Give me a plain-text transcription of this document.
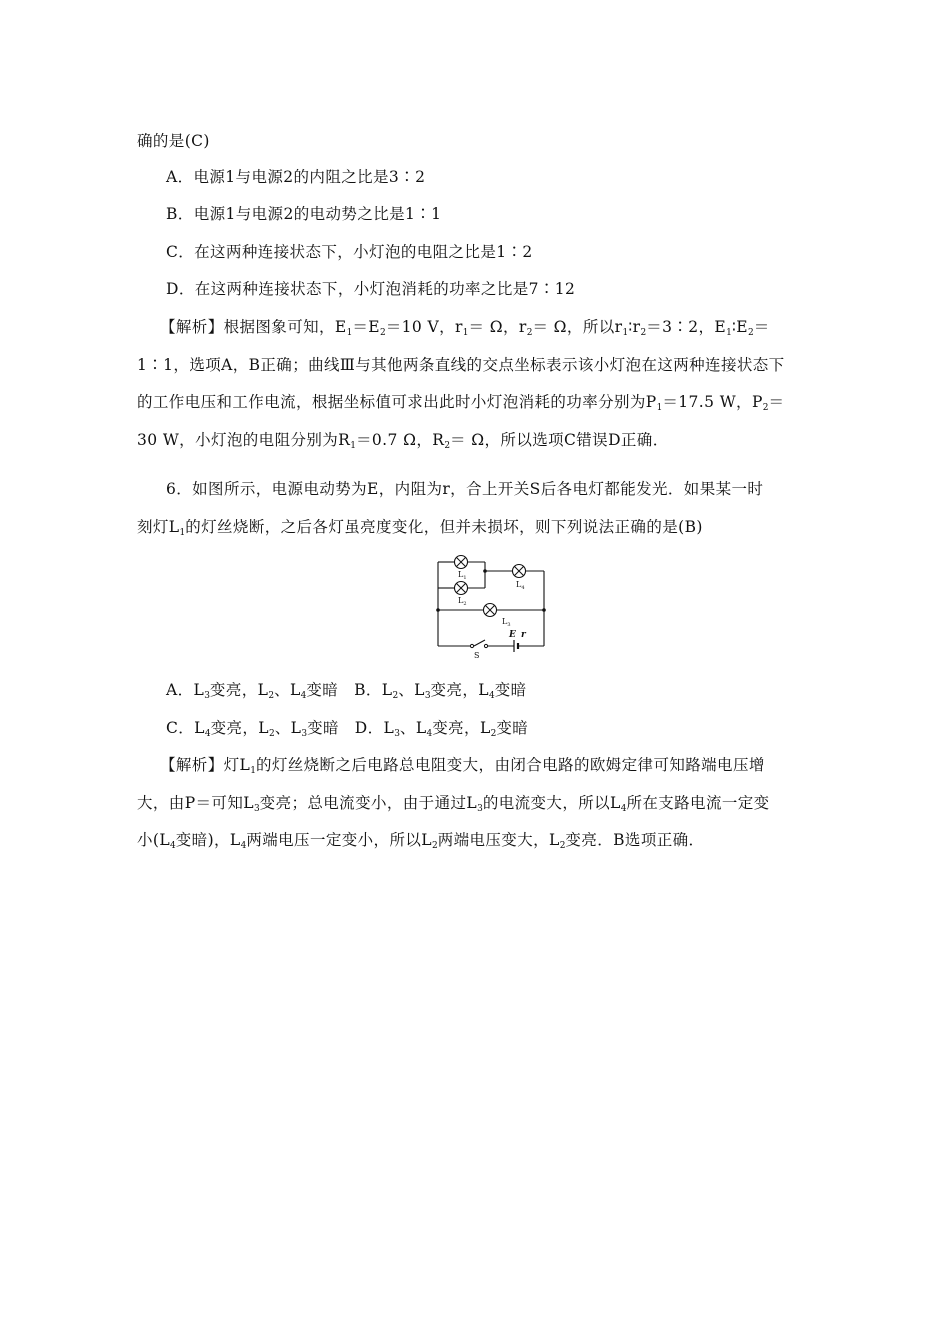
确的是(C)
A．电源1与电源2的内阻之比是3∶2
B．电源1与电源2的电动势之比是1∶1
C．在这两种连接状态下，小灯泡的电阻之比是1∶2
D．在这两种连接状态下，小灯泡消耗的功率之比是7∶12
【解析】根据图象可知，$E_1=E_2=10$ V，$r_1= \Omega$，$r_2= \Omega$，所以$r_1∶r_2=3∶2$，$E_1∶E_2=$
1∶1，选项A，B正确；曲线Ⅲ与其他两条直线的交点坐标表示该小灯泡在这两种连接状态下
的工作电压和工作电流，根据坐标值可求出此时小灯泡消耗的功率分别为$P_1=17.5$ W，$P_2=$
30 W，小灯泡的电阻分别为$R_1=0.7$ Ω，$R_2= \Omega$，所以选项C错误D正确．
6．如图所示，电源电动势为E，内阻为r，合上开关S后各电灯都能发光．如果某一时
刻灯$L_1$的灯丝烧断，之后各灯虽亮度变化，但并未损坏，则下列说法正确的是(B)
$L_1$
$L_2$
$L_4$
$L_3$
S
E r
A．$L_3$变亮，$L_2$、$L_4$变暗　B．$L_2$、$L_3$变亮，$L_4$变暗
C．$L_4$变亮，$L_2$、$L_3$变暗　D．$L_3$、$L_4$变亮，$L_2$变暗
【解析】灯$L_1$的灯丝烧断之后电路总电阻变大，由闭合电路的欧姆定律可知路端电压增
大，由P＝可知$L_3$变亮；总电流变小，由于通过$L_3$的电流变大，所以$L_4$所在支路电流一定变
小($L_4$变暗)，$L_4$两端电压一定变小，所以$L_2$两端电压变大，$L_2$变亮．B选项正确．
